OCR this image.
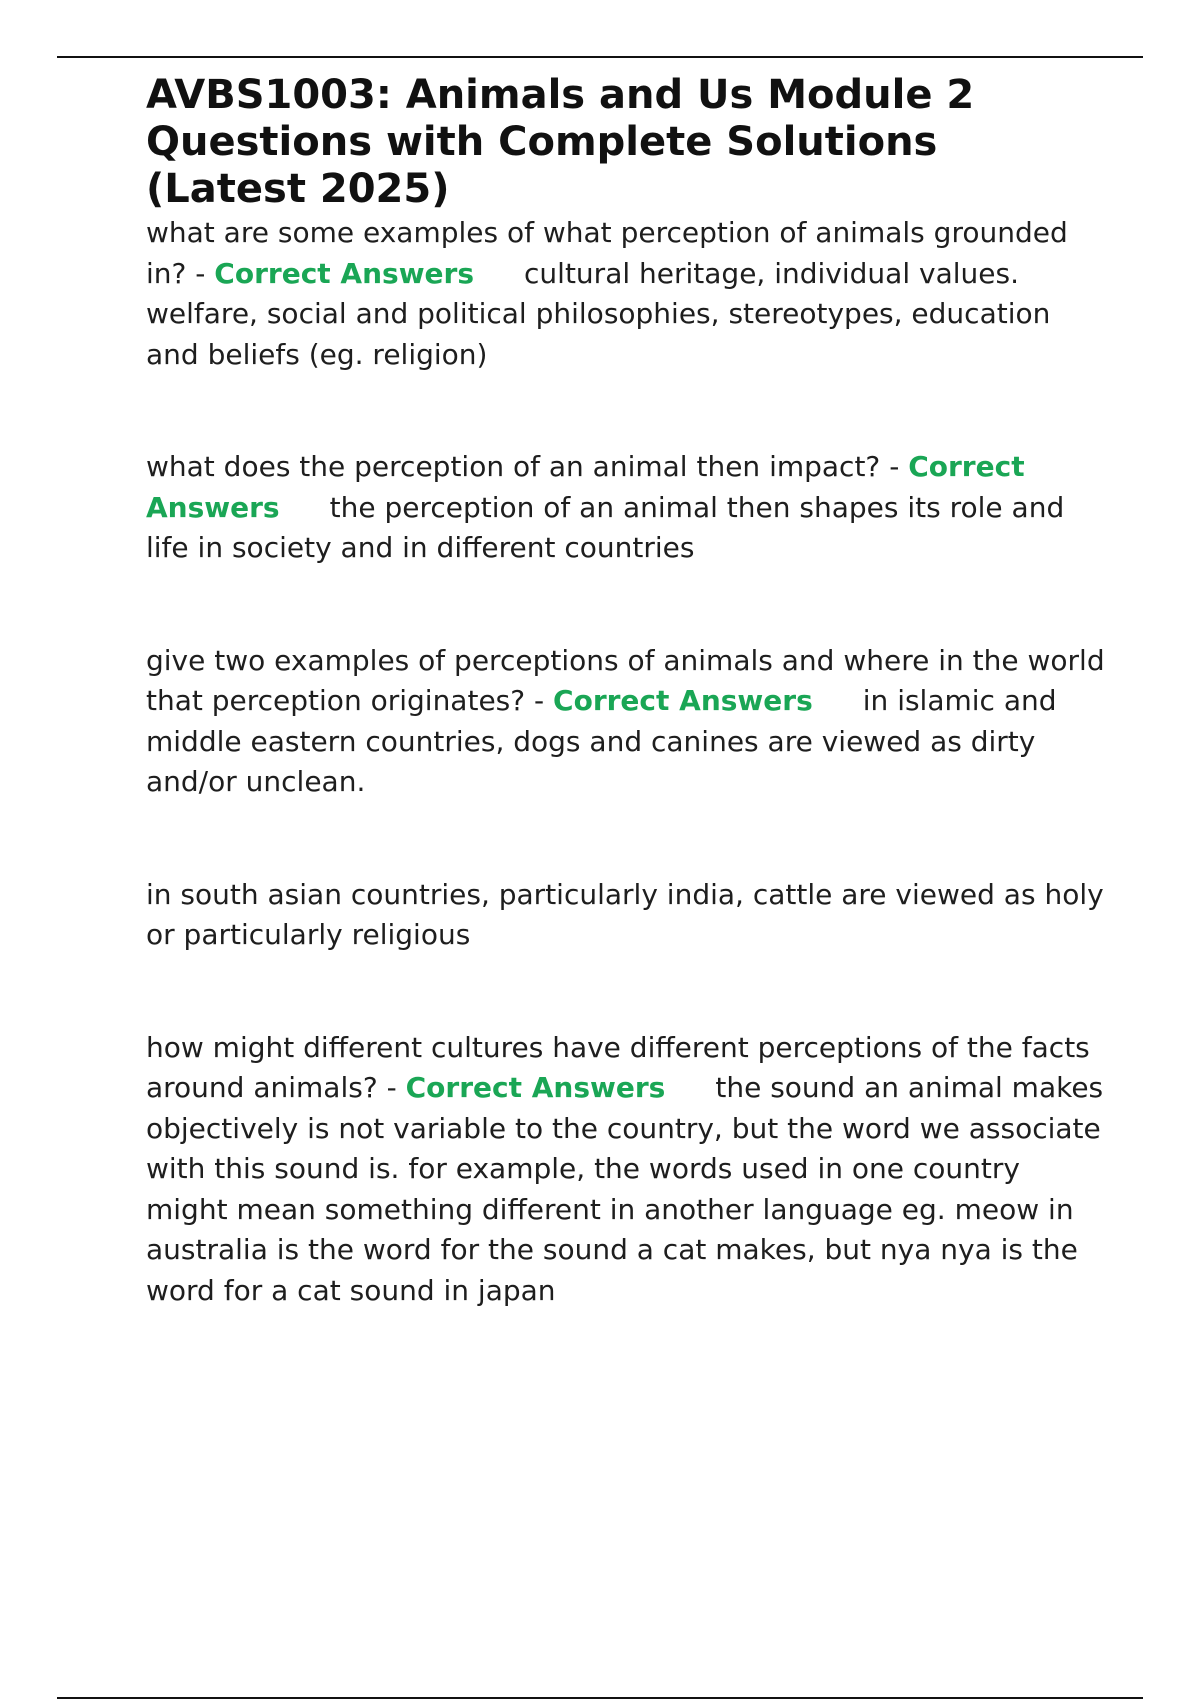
AVBS1003: Animals and Us Module 2 Questions with Complete Solutions (Latest 2025)

what are some examples of what perception of animals grounded in? - Correct Answers cultural heritage, individual values. welfare, social and political philosophies, stereotypes, education and beliefs (eg. religion)

what does the perception of an animal then impact? - Correct Answers the perception of an animal then shapes its role and life in society and in different countries

give two examples of perceptions of animals and where in the world that perception originates? - Correct Answers in islamic and middle eastern countries, dogs and canines are viewed as dirty and/or unclean.

in south asian countries, particularly india, cattle are viewed as holy or particularly religious

how might different cultures have different perceptions of the facts around animals? - Correct Answers the sound an animal makes objectively is not variable to the country, but the word we associate with this sound is. for example, the words used in one country might mean something different in another language eg. meow in australia is the word for the sound a cat makes, but nya nya is the word for a cat sound in japan
